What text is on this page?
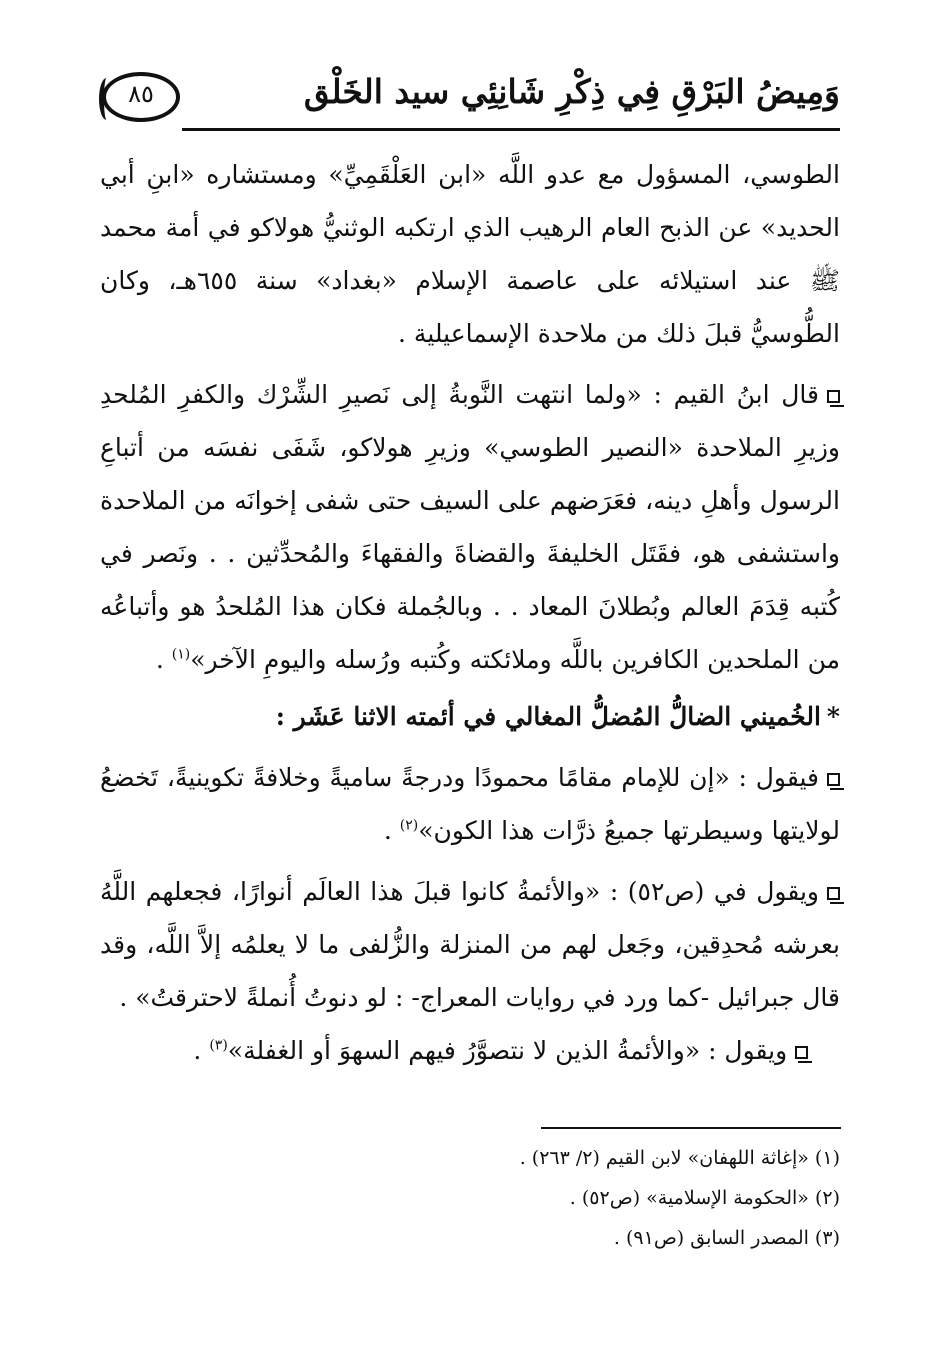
وَمِيضُ البَرْقِ فِي ذِكْرِ شَانِئِي سيد الخَلْق
٨٥

الطوسي، المسؤول مع عدو اللَّه «ابن العَلْقَمِيِّ» ومستشاره «ابنِ أبي الحديد» عن الذبح العام الرهيب الذي ارتكبه الوثنيُّ هولاكو في أمة محمد ﷺ عند استيلائه على عاصمة الإسلام «بغداد» سنة ٦٥٥هـ، وكان الطُّوسيُّ قبلَ ذلك من ملاحدة الإسماعيلية .

قال ابنُ القيم : «ولما انتهت النَّوبةُ إلى نَصيرِ الشِّرْك والكفرِ المُلحدِ وزيرِ الملاحدة «النصير الطوسي» وزيرِ هولاكو، شَفَى نفسَه من أتباعِ الرسول وأهلِ دينه، فعَرَضهم على السيف حتى شفى إخوانَه من الملاحدة واستشفى هو، فقَتَل الخليفةَ والقضاةَ والفقهاءَ والمُحدِّثين . . ونَصر في كُتبه قِدَمَ العالم وبُطلانَ المعاد . . وبالجُملة فكان هذا المُلحدُ هو وأتباعُه من الملحدين الكافرين باللَّه وملائكته وكُتبه ورُسله واليومِ الآخر»$^{(١)}$ .

*الخُميني الضالُّ المُضلُّ المغالي في أئمته الاثنا عَشَر :

فيقول : «إن للإمام مقامًا محمودًا ودرجةً ساميةً وخلافةً تكوينيةً، تَخضعُ لولايتها وسيطرتها جميعُ ذرَّات هذا الكون»$^{(٢)}$ .

ويقول في (ص٥٢) : «والأئمةُ كانوا قبلَ هذا العالَم أنوارًا، فجعلهم اللَّهُ بعرشه مُحدِقين، وجَعل لهم من المنزلة والزُّلفى ما لا يعلمُه إلاَّ اللَّه، وقد قال جبرائيل -كما ورد في روايات المعراج- : لو دنوتُ أُنملةً لاحترقتُ» .

ويقول : «والأئمةُ الذين لا نتصوَّرُ فيهم السهوَ أو الغفلة»$^{(٣)}$ .

(١) «إغاثة اللهفان» لابن القيم (٢/ ٢٦٣) .

(٢) «الحكومة الإسلامية» (ص٥٢) .

(٣) المصدر السابق (ص٩١) .
